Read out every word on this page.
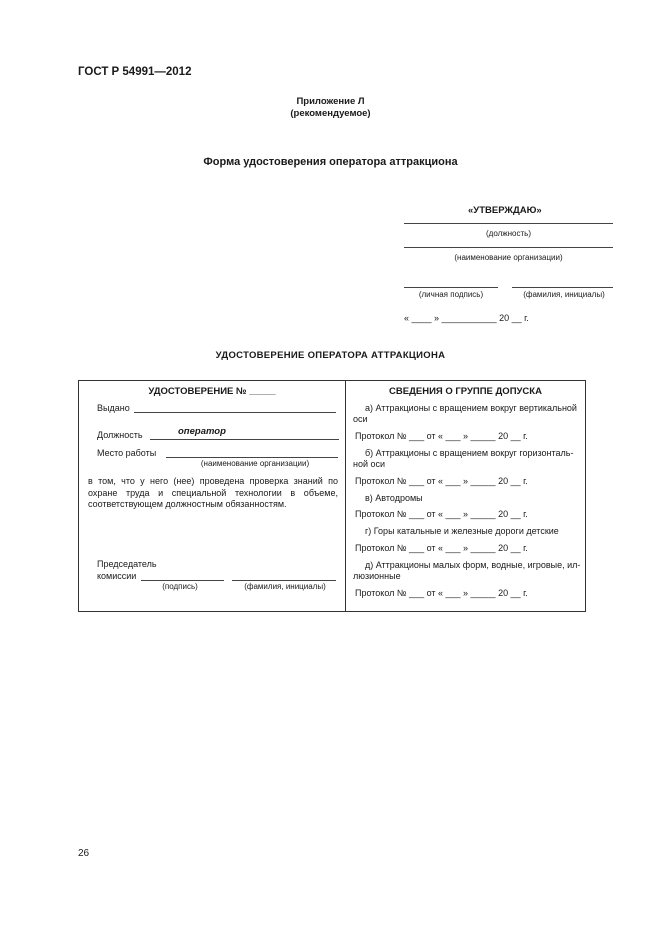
ГОСТ Р 54991—2012
Приложение Л
(рекомендуемое)
Форма удостоверения оператора аттракциона
«УТВЕРЖДАЮ»
(должность)
(наименование организации)
(личная подпись)	(фамилия, инициалы)
« ____ » ___________ 20 __ г.
УДОСТОВЕРЕНИЕ ОПЕРАТОРА АТТРАКЦИОНА
УДОСТОВЕРЕНИЕ № _____
Выдано
Должность	оператор
Место работы
(наименование организации)
в том, что у него (нее) проведена проверка знаний по охране труда и специальной технологии в объеме, соответствующем должностным обязанностям.
Председатель
комиссии
(подпись)	(фамилия, инициалы)
СВЕДЕНИЯ О ГРУППЕ ДОПУСКА
а) Аттракционы с вращением вокруг вертикальной
оси
Протокол № ___ от « ___ » _____ 20 __ г.
б) Аттракционы с вращением вокруг горизонталь-
ной оси
Протокол № ___ от « ___ » _____ 20 __ г.
в) Автодромы
Протокол № ___ от « ___ » _____ 20 __ г.
г) Горы катальные и железные дороги детские
Протокол № ___ от « ___ » _____ 20 __ г.
д) Аттракционы малых форм, водные, игровые, ил-
люзионные
Протокол № ___ от « ___ » _____ 20 __ г.
26
